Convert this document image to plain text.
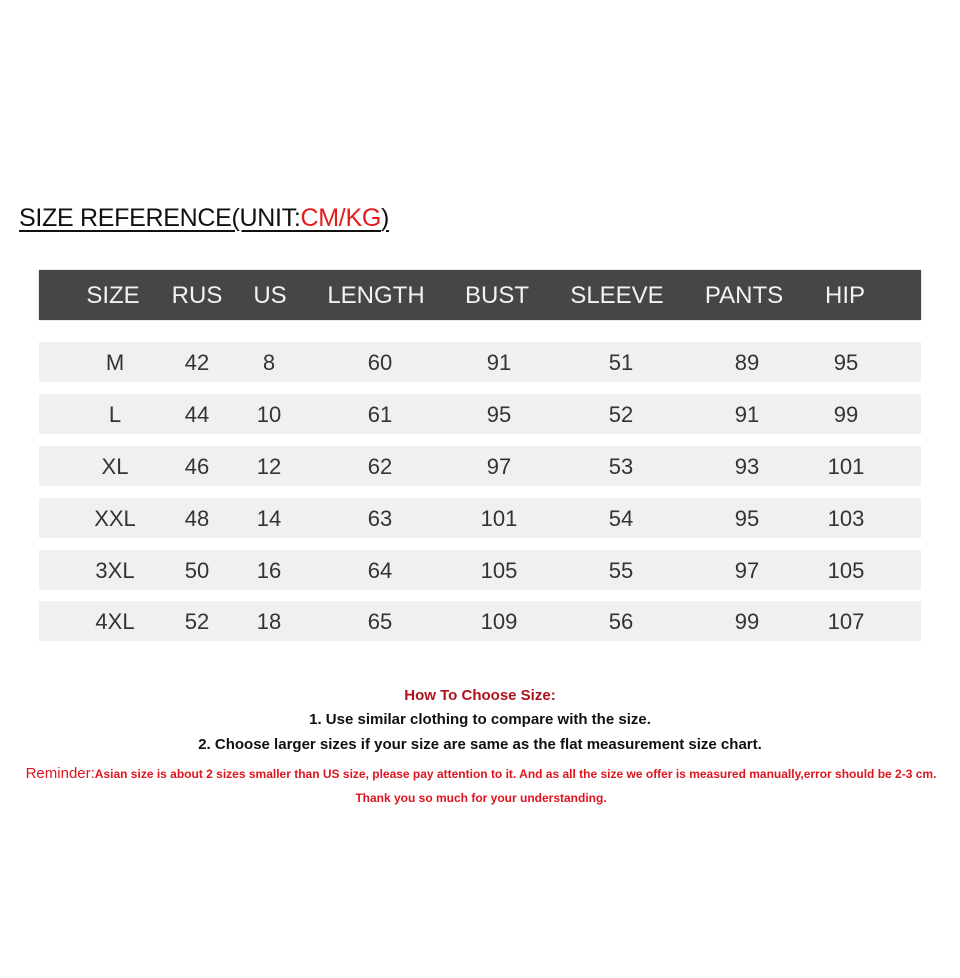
SIZE REFERENCE(UNIT:CM/KG)
SIZE RUS US LENGTH BUST SLEEVE PANTS HIP
M	42 8	60	91	51	89	95
L	44 10	61	95	52	91	99
XL	46 12	62	97	53	93	101
XXL 48 14	63	101	54	95	103
3XL 50 16	64	105	55	97	105
4XL 52 18	65	109	56	99	107
How To Choose Size:
1. Use similar clothing to compare with the size.
2. Choose larger sizes if your size are same as the flat measurement size chart.
Reminder:Asian size is about 2 sizes smaller than US size, please pay attention to it. And as all the size we offer is measured manually,error should be 2-3 cm. Thank you so much for your understanding.
